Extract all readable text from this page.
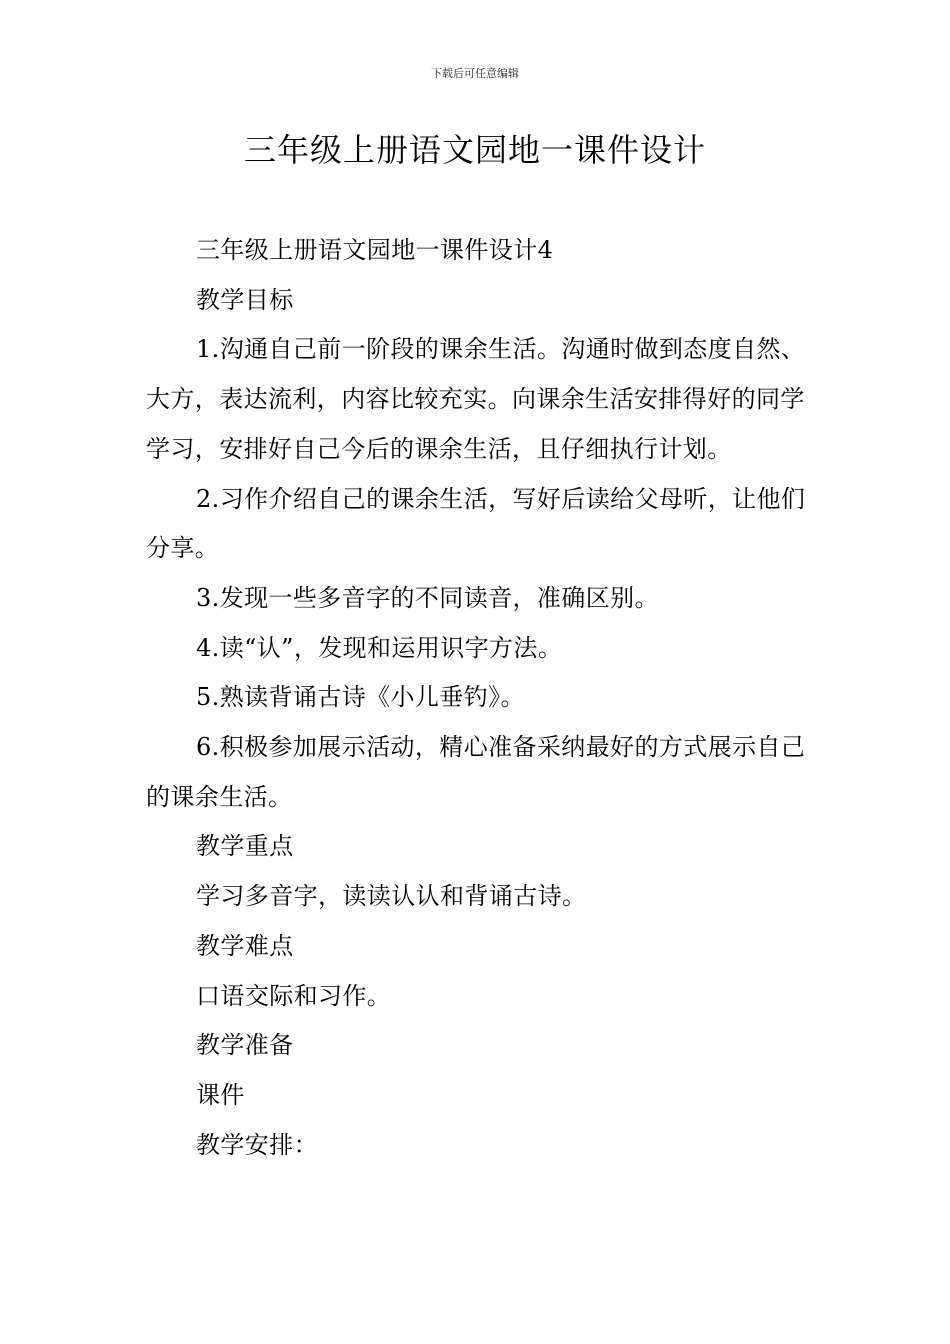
下载后可任意编辑
三年级上册语文园地一课件设计

三年级上册语文园地一课件设计4

教学目标

1.沟通自己前一阶段的课余生活。沟通时做到态度自然、大方，表达流利，内容比较充实。向课余生活安排得好的同学学习，安排好自己今后的课余生活，且仔细执行计划。

2.习作介绍自己的课余生活，写好后读给父母听，让他们分享。

3.发现一些多音字的不同读音，准确区别。

4.读“认”，发现和运用识字方法。

5.熟读背诵古诗《小儿垂钓》。

6.积极参加展示活动，精心准备采纳最好的方式展示自己的课余生活。

教学重点

学习多音字，读读认认和背诵古诗。

教学难点

口语交际和习作。

教学准备

课件

教学安排：
